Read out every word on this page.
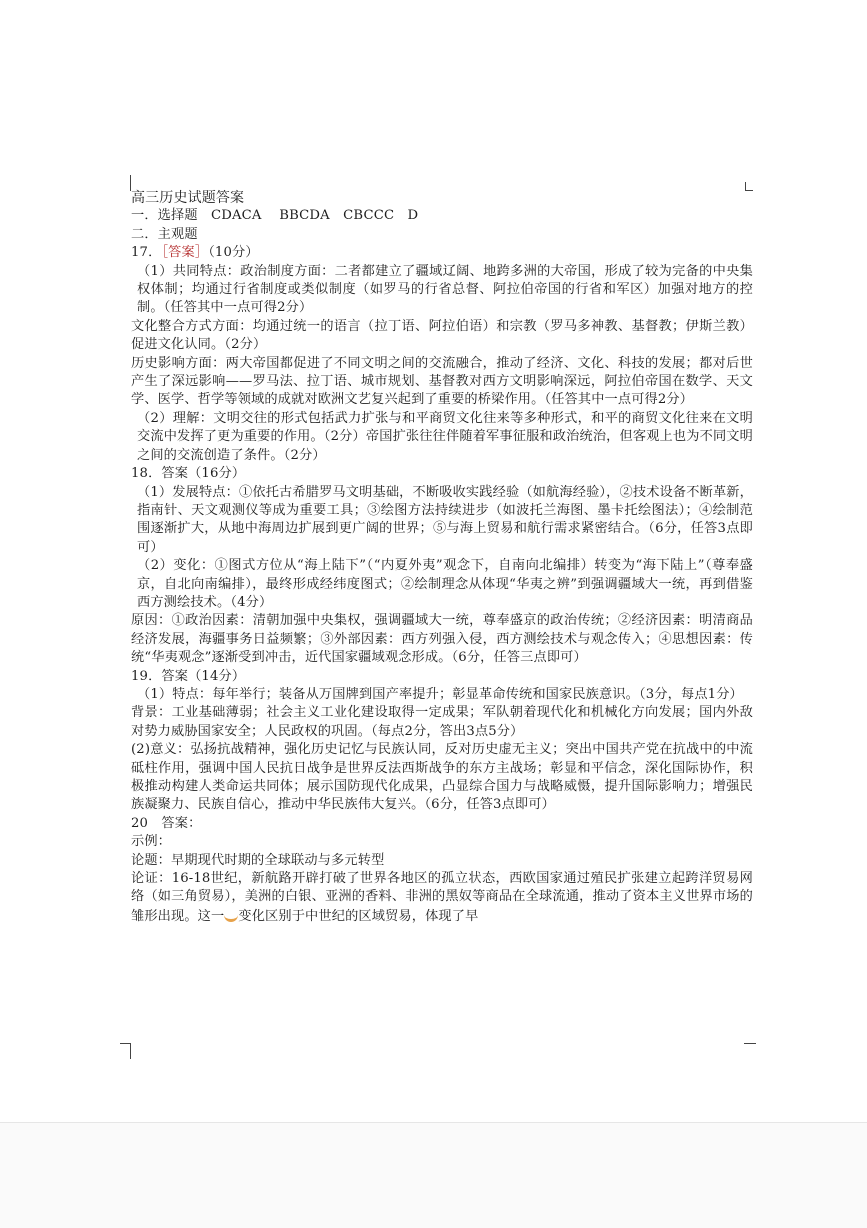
高三历史试题答案

一．选择题　CDACA　 BBCDA　CBCCC　D

二．主观题

17．［答案］（10分）

（1）共同特点：政治制度方面：二者都建立了疆域辽阔、地跨多洲的大帝国，形成了较为完备的中央集权体制；均通过行省制度或类似制度（如罗马的行省总督、阿拉伯帝国的行省和军区）加强对地方的控制。（任答其中一点可得2分）

文化整合方式方面：均通过统一的语言（拉丁语、阿拉伯语）和宗教（罗马多神教、基督教；伊斯兰教）促进文化认同。（2分）

历史影响方面：两大帝国都促进了不同文明之间的交流融合，推动了经济、文化、科技的发展；都对后世产生了深远影响——罗马法、拉丁语、城市规划、基督教对西方文明影响深远，阿拉伯帝国在数学、天文学、医学、哲学等领域的成就对欧洲文艺复兴起到了重要的桥梁作用。（任答其中一点可得2分）

（2）理解：文明交往的形式包括武力扩张与和平商贸文化往来等多种形式，和平的商贸文化往来在文明交流中发挥了更为重要的作用。（2分）帝国扩张往往伴随着军事征服和政治统治，但客观上也为不同文明之间的交流创造了条件。（2分）

18．答案（16分）

（1）发展特点：①依托古希腊罗马文明基础，不断吸收实践经验（如航海经验），②技术设备不断革新，指南针、天文观测仪等成为重要工具；③绘图方法持续进步（如波托兰海图、墨卡托绘图法）；④绘制范围逐渐扩大，从地中海周边扩展到更广阔的世界；⑤与海上贸易和航行需求紧密结合。（6分，任答3点即可）

（2）变化：①图式方位从“海上陆下”（“内夏外夷”观念下，自南向北编排）转变为“海下陆上”（尊奉盛京，自北向南编排），最终形成经纬度图式；②绘制理念从体现“华夷之辨”到强调疆域大一统，再到借鉴西方测绘技术。（4分）

原因：①政治因素：清朝加强中央集权，强调疆域大一统，尊奉盛京的政治传统；②经济因素：明清商品经济发展，海疆事务日益频繁；③外部因素：西方列强入侵，西方测绘技术与观念传入；④思想因素：传统“华夷观念”逐渐受到冲击，近代国家疆域观念形成。（6分，任答三点即可）

19．答案（14分）

（1）特点：每年举行；装备从万国牌到国产率提升；彰显革命传统和国家民族意识。（3分，每点1分）

背景：工业基础薄弱；社会主义工业化建设取得一定成果；军队朝着现代化和机械化方向发展；国内外敌对势力威胁国家安全；人民政权的巩固。（每点2分，答出3点5分）

(2)意义：弘扬抗战精神，强化历史记忆与民族认同，反对历史虚无主义；突出中国共产党在抗战中的中流砥柱作用，强调中国人民抗日战争是世界反法西斯战争的东方主战场；彰显和平信念，深化国际协作，积极推动构建人类命运共同体；展示国防现代化成果，凸显综合国力与战略威慑，提升国际影响力；增强民族凝聚力、民族自信心，推动中华民族伟大复兴。（6分，任答3点即可）

20　答案：

示例：

论题：早期现代时期的全球联动与多元转型

论证：16-18世纪，新航路开辟打破了世界各地区的孤立状态，西欧国家通过殖民扩张建立起跨洋贸易网络（如三角贸易），美洲的白银、亚洲的香料、非洲的黑奴等商品在全球流通，推动了资本主义世界市场的雏形出现。这一 变化区别于中世纪的区域贸易，体现了早
